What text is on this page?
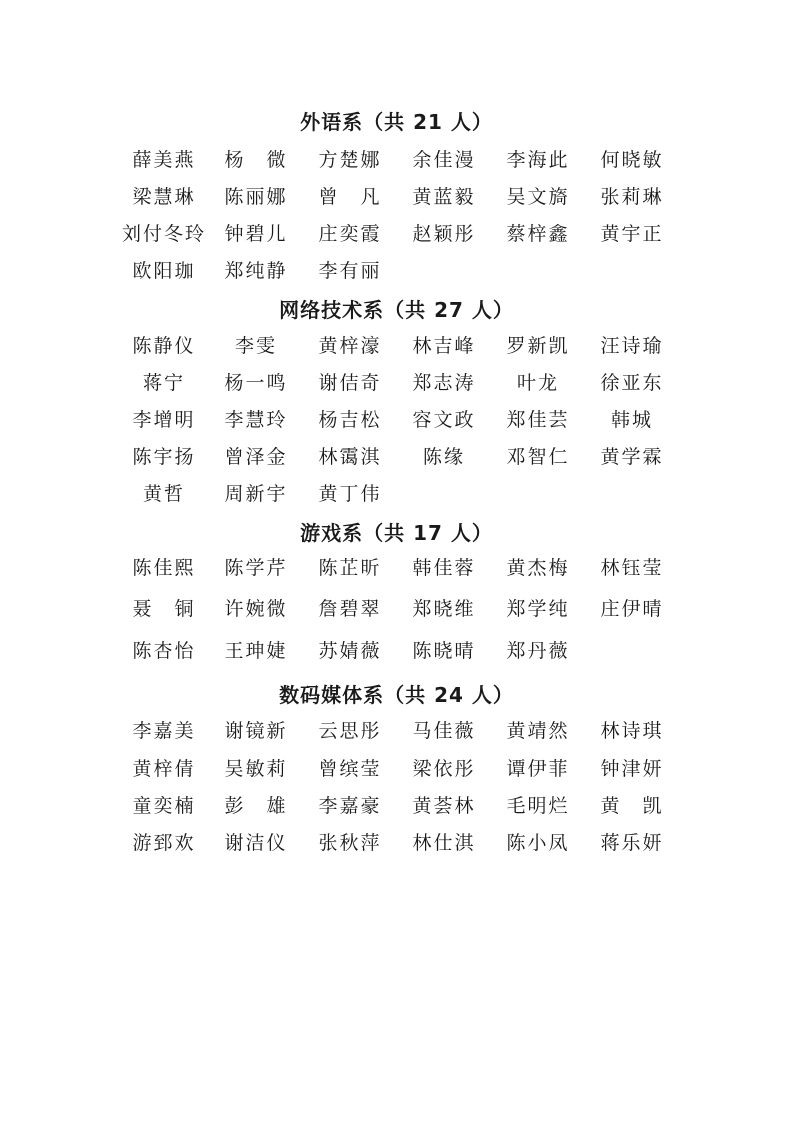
外语系（共 21 人）
薛美燕	杨　微	方楚娜	余佳漫	李海此	何晓敏
梁慧琳	陈丽娜	曾　凡	黄蓝毅	吴文旖	张莉琳
刘付冬玲 钟碧儿	庄奕霞	赵颖彤	蔡梓鑫	黄宇正
欧阳珈	郑纯静	李有丽
网络技术系（共 27 人）
陈静仪	李雯	黄梓濠	林吉峰	罗新凯	汪诗瑜
蒋宁	杨一鸣	谢佶奇	郑志涛	叶龙	徐亚东
李增明	李慧玲	杨吉松	容文政	郑佳芸	韩城
陈宇扬	曾泽金	林霭淇	陈缘	邓智仁	黄学霖
黄哲	周新宇	黄丁伟
游戏系（共 17 人）
陈佳熙	陈学芹	陈芷昕	韩佳蓉	黄杰梅	林钰莹
聂　铜	许婉微	詹碧翠	郑晓维	郑学纯	庄伊晴
陈杏怡	王珅婕	苏婧薇	陈晓晴	郑丹薇
数码媒体系（共 24 人）
李嘉美	谢镜新	云思彤	马佳薇	黄靖然	林诗琪
黄梓倩	吴敏莉	曾缤莹	梁依彤	谭伊菲	钟津妍
童奕楠	彭　雄	李嘉豪	黄荟林	毛明烂	黄　凯
游郅欢	谢洁仪	张秋萍	林仕淇	陈小凤	蒋乐妍
